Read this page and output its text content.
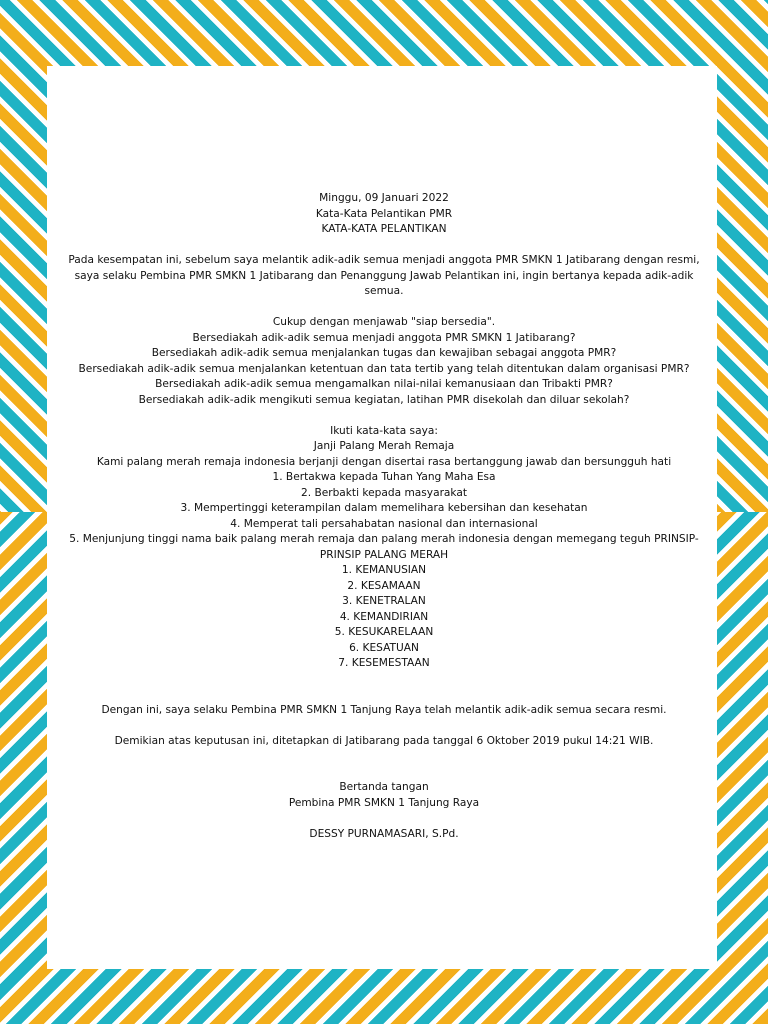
Minggu, 09 Januari 2022

Kata-Kata Pelantikan PMR

KATA-KATA PELANTIKAN

Pada kesempatan ini, sebelum saya melantik adik-adik semua menjadi anggota PMR SMKN 1 Jatibarang dengan resmi, saya selaku Pembina PMR SMKN 1 Jatibarang dan Penanggung Jawab Pelantikan ini, ingin bertanya kepada adik-adik semua.

Cukup dengan menjawab "siap bersedia".

Bersediakah adik-adik semua menjadi anggota PMR SMKN 1 Jatibarang?

Bersediakah adik-adik semua menjalankan tugas dan kewajiban sebagai anggota PMR?

Bersediakah adik-adik semua menjalankan ketentuan dan tata tertib yang telah ditentukan dalam organisasi PMR?

Bersediakah adik-adik semua mengamalkan nilai-nilai kemanusiaan dan Tribakti PMR?

Bersediakah adik-adik mengikuti semua kegiatan, latihan PMR disekolah dan diluar sekolah?

Ikuti kata-kata saya:

Janji Palang Merah Remaja

Kami palang merah remaja indonesia berjanji dengan disertai rasa bertanggung jawab dan bersungguh hati

1. Bertakwa kepada Tuhan Yang Maha Esa

2. Berbakti kepada masyarakat

3. Mempertinggi keterampilan dalam memelihara kebersihan dan kesehatan

4. Memperat tali persahabatan nasional dan internasional

5. Menjunjung tinggi nama baik palang merah remaja dan palang merah indonesia dengan memegang teguh PRINSIP-PRINSIP PALANG MERAH

1. KEMANUSIAN

2. KESAMAAN

3. KENETRALAN

4. KEMANDIRIAN

5. KESUKARELAAN

6. KESATUAN

7. KESEMESTAAN

Dengan ini, saya selaku Pembina PMR SMKN 1 Tanjung Raya telah melantik adik-adik semua secara resmi.

Demikian atas keputusan ini, ditetapkan di Jatibarang pada tanggal 6 Oktober 2019 pukul 14:21 WIB.

Bertanda tangan

Pembina PMR SMKN 1 Tanjung Raya

DESSY PURNAMASARI, S.Pd.
